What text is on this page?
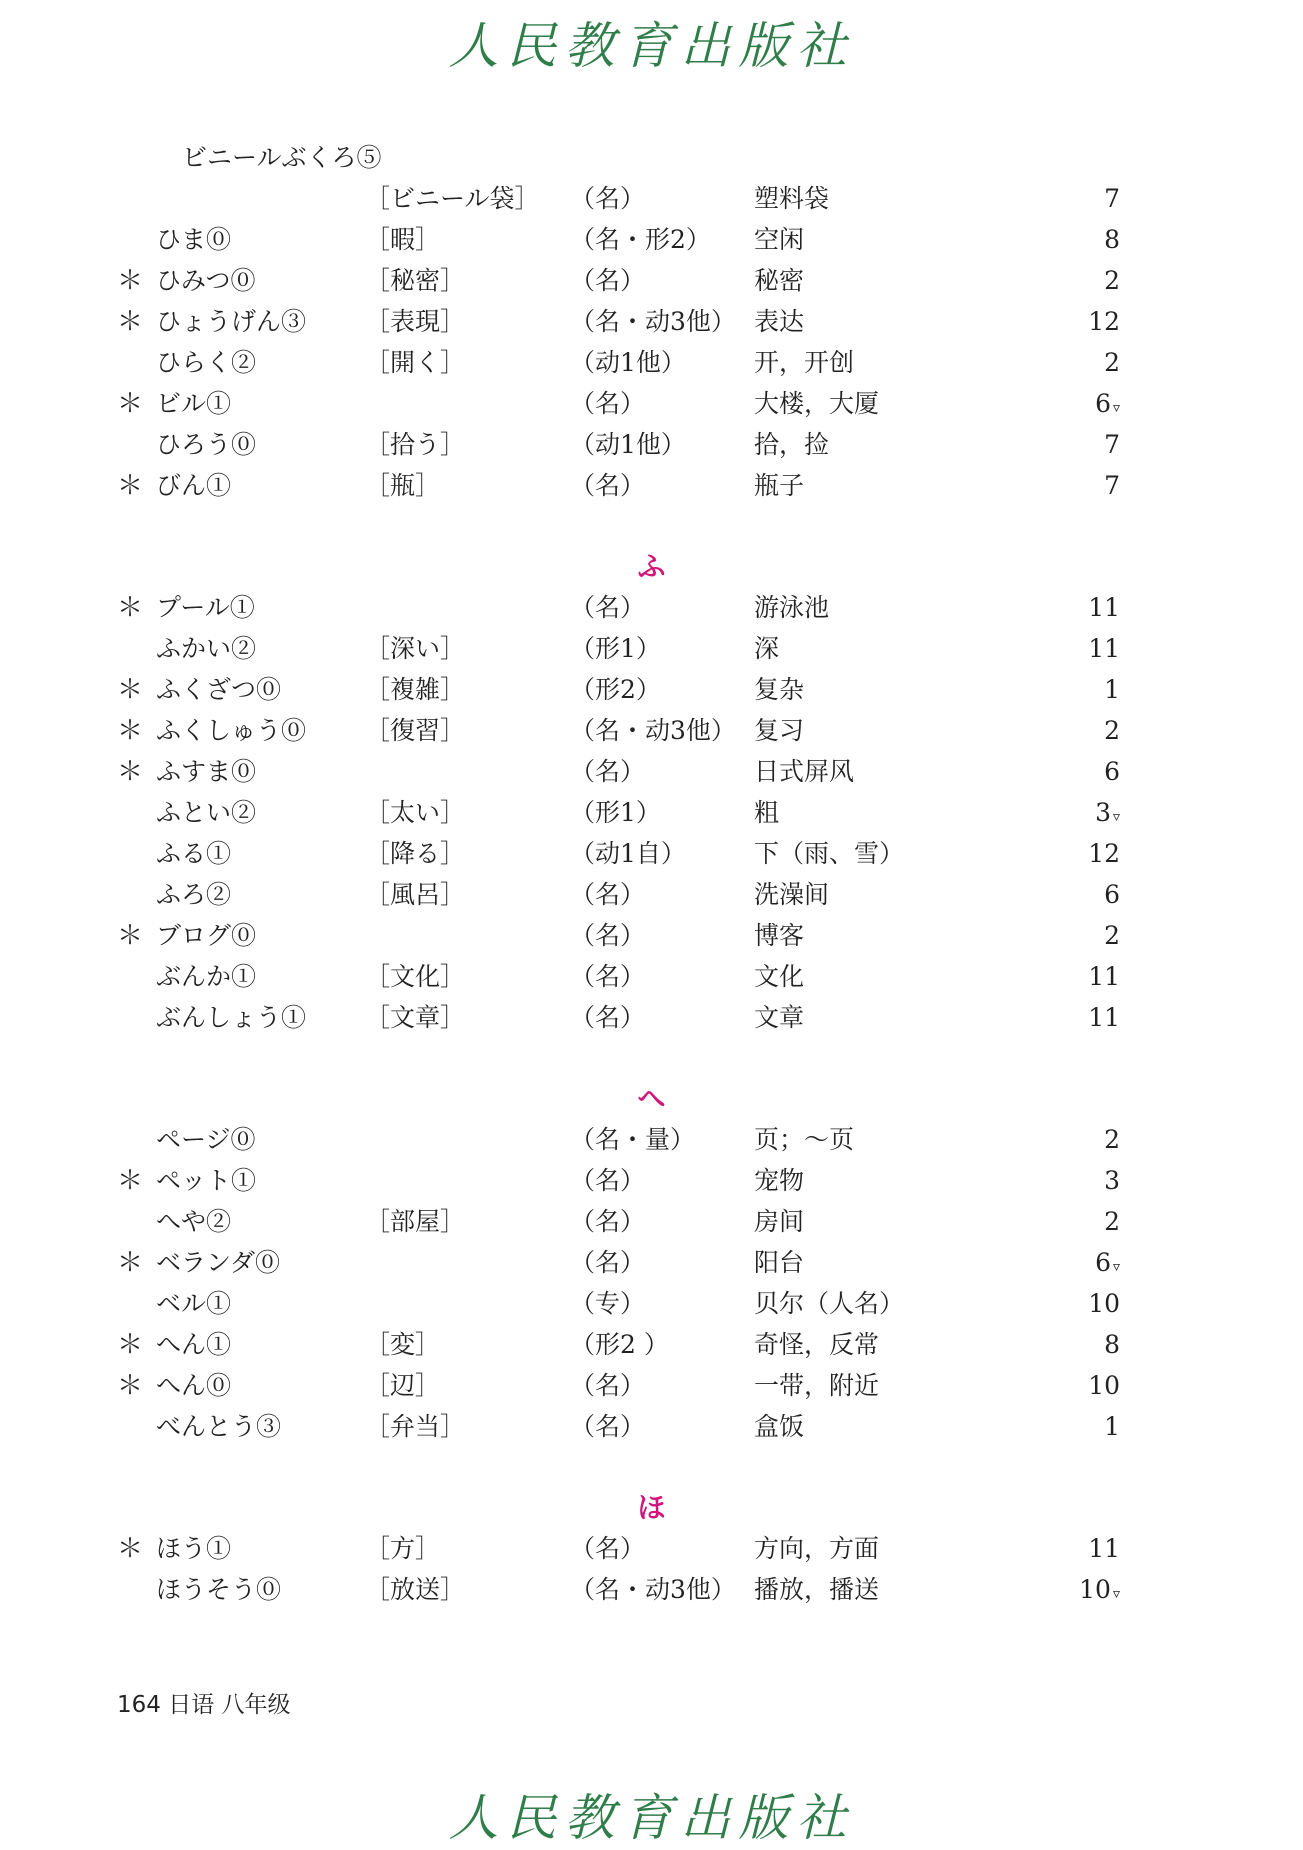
人民教育出版社
ビニールぶくろ⑤
［ビニール袋］ （名）	塑料袋	7
ひま⓪	［暇］	（名・形2） 空闲	8
＊ ひみつ⓪	［秘密］	（名）	秘密	2
＊ ひょうげん③ ［表現］	（名・动3他） 表达	12
ひらく②	［開く］	（动1他）	开，开创	2
＊ ビル①	（名）	大楼，大厦	6 ▿
ひろう⓪	［拾う］	（动1他）	拾，捡	7
＊ びん①	［瓶］	（名）	瓶子	7
ふ
＊ プール①	（名）	游泳池	11
ふかい②	［深い］	（形1）	深	11
＊ ふくざつ⓪	［複雑］	（形2）	复杂	1
＊ ふくしゅう⓪ ［復習］	（名・动3他） 复习	2
＊ ふすま⓪	（名）	日式屏风	6
ふとい②	［太い］	（形1）	粗	3 ▿
ふる①	［降る］	（动1自）	下（雨、雪）	12
ふろ②	［風呂］	（名）	洗澡间	6
＊ ブログ⓪	（名）	博客	2
ぶんか①	［文化］	（名）	文化	11
ぶんしょう① ［文章］	（名）	文章	11
へ
ページ⓪	（名・量） 页；～页	2
＊ ペット①	（名）	宠物	3
へや②	［部屋］	（名）	房间	2
＊ ベランダ⓪	（名）	阳台	6 ▿
ベル①	（专）	贝尔（人名）	10
＊ へん①	［変］	（形2 ）	奇怪，反常	8
＊ へん⓪	［辺］	（名）	一带，附近	10
べんとう③	［弁当］	（名）	盒饭	1
ほ
＊ ほう①	［方］	（名）	方向，方面	11
ほうそう⓪	［放送］	（名・动3他） 播放，播送	10 ▿
164 日语 八年级
人民教育出版社
